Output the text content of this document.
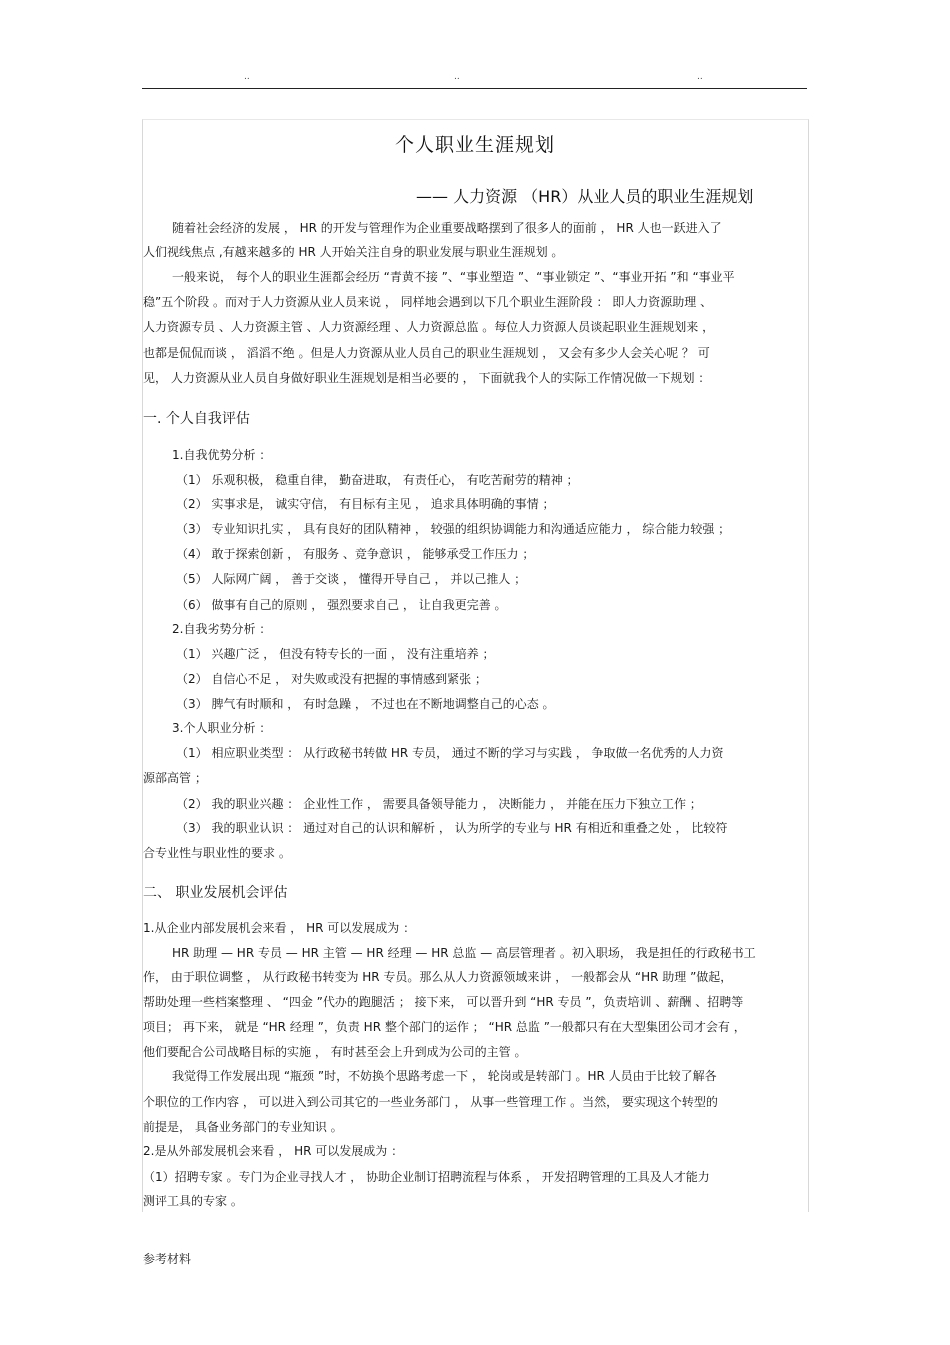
..	..	..
个人职业生涯规划
—— 人力资源 （HR）从业人员的职业生涯规划
随着社会经济的发展 ， HR 的开发与管理作为企业重要战略摆到了很多人的面前 ， HR 人也一跃进入了
人们视线焦点 ,有越来越多的 HR 人开始关注自身的职业发展与职业生涯规划 。
一般来说， 每个人的职业生涯都会经历 “青黄不接 ”、“事业塑造 ”、“事业锁定 ”、“事业开拓 ”和 “事业平
稳”五个阶段 。而对于人力资源从业人员来说 ， 同样地会遇到以下几个职业生涯阶段 ： 即人力资源助理 、
人力资源专员 、人力资源主管 、人力资源经理 、人力资源总监 。每位人力资源人员谈起职业生涯规划来 ，
也都是侃侃而谈 ， 滔滔不绝 。但是人力资源从业人员自己的职业生涯规划 ， 又会有多少人会关心呢 ？ 可
见， 人力资源从业人员自身做好职业生涯规划是相当必要的 ， 下面就我个人的实际工作情况做一下规划 ：
一. 个人自我评估
1.自我优势分析 ：
（1） 乐观积极， 稳重自律， 勤奋进取， 有责任心， 有吃苦耐劳的精神 ；
（2） 实事求是， 诚实守信， 有目标有主见 ， 追求具体明确的事情 ；
（3） 专业知识扎实 ， 具有良好的团队精神 ， 较强的组织协调能力和沟通适应能力 ， 综合能力较强 ；
（4） 敢于探索创新 ， 有服务 、竞争意识 ， 能够承受工作压力 ；
（5） 人际网广阔 ， 善于交谈 ， 懂得开导自己 ， 并以己推人 ；
（6） 做事有自己的原则 ， 强烈要求自己 ， 让自我更完善 。
2.自我劣势分析 ：
（1） 兴趣广泛 ， 但没有特专长的一面 ， 没有注重培养 ；
（2） 自信心不足 ， 对失败或没有把握的事情感到紧张 ；
（3） 脾气有时顺和 ， 有时急躁 ， 不过也在不断地调整自己的心态 。
3.个人职业分析 ：
（1） 相应职业类型 ： 从行政秘书转做 HR 专员， 通过不断的学习与实践 ， 争取做一名优秀的人力资
源部高管 ；
（2） 我的职业兴趣 ： 企业性工作 ， 需要具备领导能力 ， 决断能力 ， 并能在压力下独立工作 ；
（3） 我的职业认识 ： 通过对自己的认识和解析 ， 认为所学的专业与 HR 有相近和重叠之处 ， 比较符
合专业性与职业性的要求 。
二、 职业发展机会评估
1.从企业内部发展机会来看 ， HR 可以发展成为 ：
HR 助理 — HR 专员 — HR 主管 — HR 经理 — HR 总监 — 高层管理者 。初入职场， 我是担任的行政秘书工
作， 由于职位调整 ， 从行政秘书转变为 HR 专员。那么从人力资源领域来讲 ， 一般都会从 “HR 助理 ”做起，
帮助处理一些档案整理 、 “四金 ”代办的跑腿活 ； 接下来， 可以晋升到 “HR 专员 ”，负责培训 、薪酬 、招聘等
项目； 再下来， 就是 “HR 经理 ”，负责 HR 整个部门的运作 ； “HR 总监 ”一般都只有在大型集团公司才会有 ，
他们要配合公司战略目标的实施 ， 有时甚至会上升到成为公司的主管 。
我觉得工作发展出现 “瓶颈 ”时，不妨换个思路考虑一下 ， 轮岗或是转部门 。HR 人员由于比较了解各
个职位的工作内容 ， 可以进入到公司其它的一些业务部门 ， 从事一些管理工作 。当然， 要实现这个转型的
前提是， 具备业务部门的专业知识 。
2.是从外部发展机会来看 ， HR 可以发展成为 ：
（1）招聘专家 。专门为企业寻找人才 ， 协助企业制订招聘流程与体系 ， 开发招聘管理的工具及人才能力
测评工具的专家 。
参考材料
